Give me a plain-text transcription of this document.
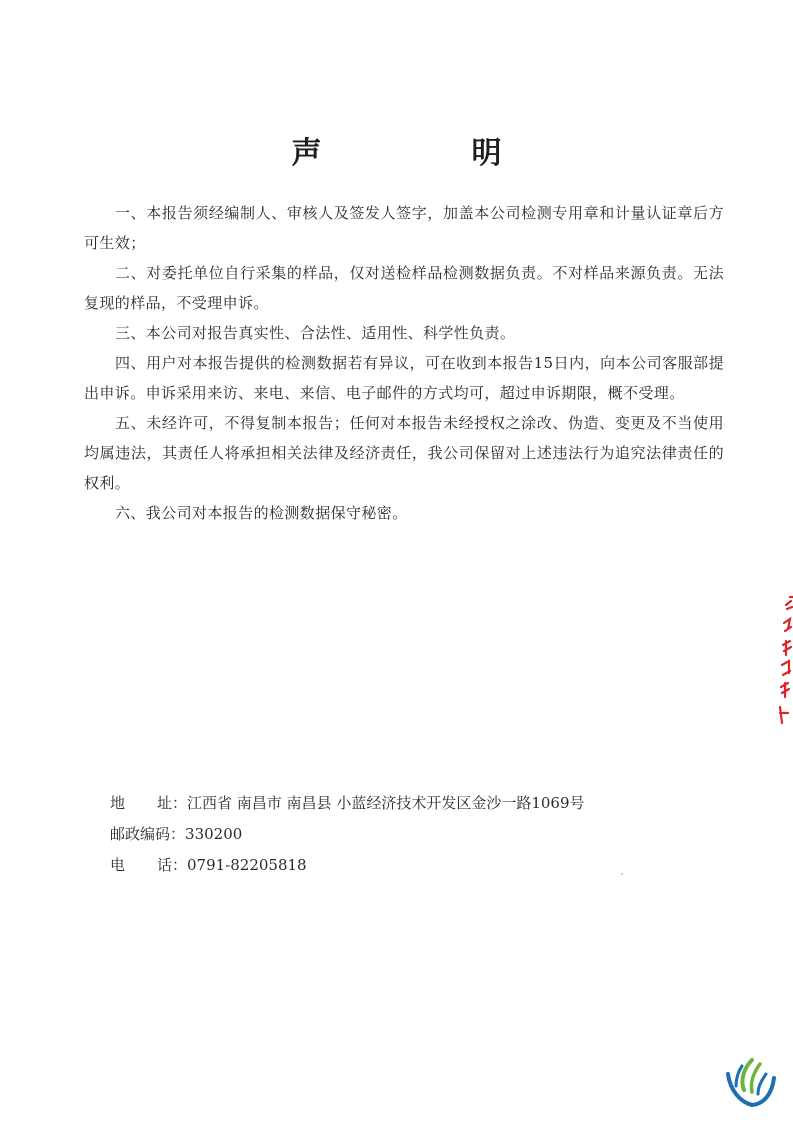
声　明

一、本报告须经编制人、审核人及签发人签字，加盖本公司检测专用章和计量认证章后方可生效；

二、对委托单位自行采集的样品，仅对送检样品检测数据负责。不对样品来源负责。无法复现的样品，不受理申诉。

三、本公司对报告真实性、合法性、适用性、科学性负责。

四、用户对本报告提供的检测数据若有异议，可在收到本报告15日内，向本公司客服部提出申诉。申诉采用来访、来电、来信、电子邮件的方式均可，超过申诉期限，概不受理。

五、未经许可，不得复制本报告；任何对本报告未经授权之涂改、伪造、变更及不当使用均属违法，其责任人将承担相关法律及经济责任，我公司保留对上述违法行为追究法律责任的权利。

六、我公司对本报告的检测数据保守秘密。

地址：江西省 南昌市 南昌县 小蓝经济技术开发区金沙一路1069号
邮政编码：330200
电话：0791-82205818
